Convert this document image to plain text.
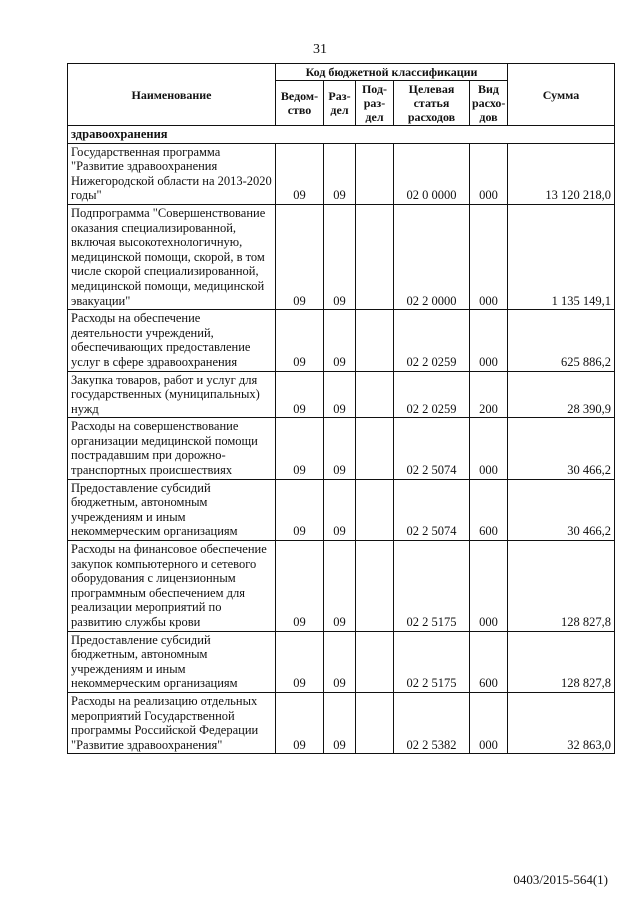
31
Наименование	Код бюджетной классификации					Сумма
	Ведом-ство	Раз-дел	Под-раз-дел	Целевая статья расходов	Вид расхо-дов	
здравоохранения						
Государственная программа "Развитие здравоохранения Нижегородской области на 2013-2020 годы"	09	09		02 0 0000	000	13 120 218,0
Подпрограмма "Совершенствование оказания специализированной, включая высокотехнологичную, медицинской помощи, скорой, в том числе скорой специализированной, медицинской помощи, медицинской эвакуации"	09	09		02 2 0000	000	1 135 149,1
Расходы на обеспечение деятельности учреждений, обеспечивающих предоставление услуг в сфере здравоохранения	09	09		02 2 0259	000	625 886,2
Закупка товаров, работ и услуг для государственных (муниципальных) нужд	09	09		02 2 0259	200	28 390,9
Расходы на совершенствование организации медицинской помощи пострадавшим при дорожно-транспортных происшествиях	09	09		02 2 5074	000	30 466,2
Предоставление субсидий бюджетным, автономным учреждениям и иным некоммерческим организациям	09	09		02 2 5074	600	30 466,2
Расходы на финансовое обеспечение закупок компьютерного и сетевого оборудования с лицензионным программным обеспечением для реализации мероприятий по развитию службы крови	09	09		02 2 5175	000	128 827,8
Предоставление субсидий бюджетным, автономным учреждениям и иным некоммерческим организациям	09	09		02 2 5175	600	128 827,8
Расходы на реализацию отдельных мероприятий Государственной программы Российской Федерации "Развитие здравоохранения"	09	09		02 2 5382	000	32 863,0
0403/2015-564(1)
